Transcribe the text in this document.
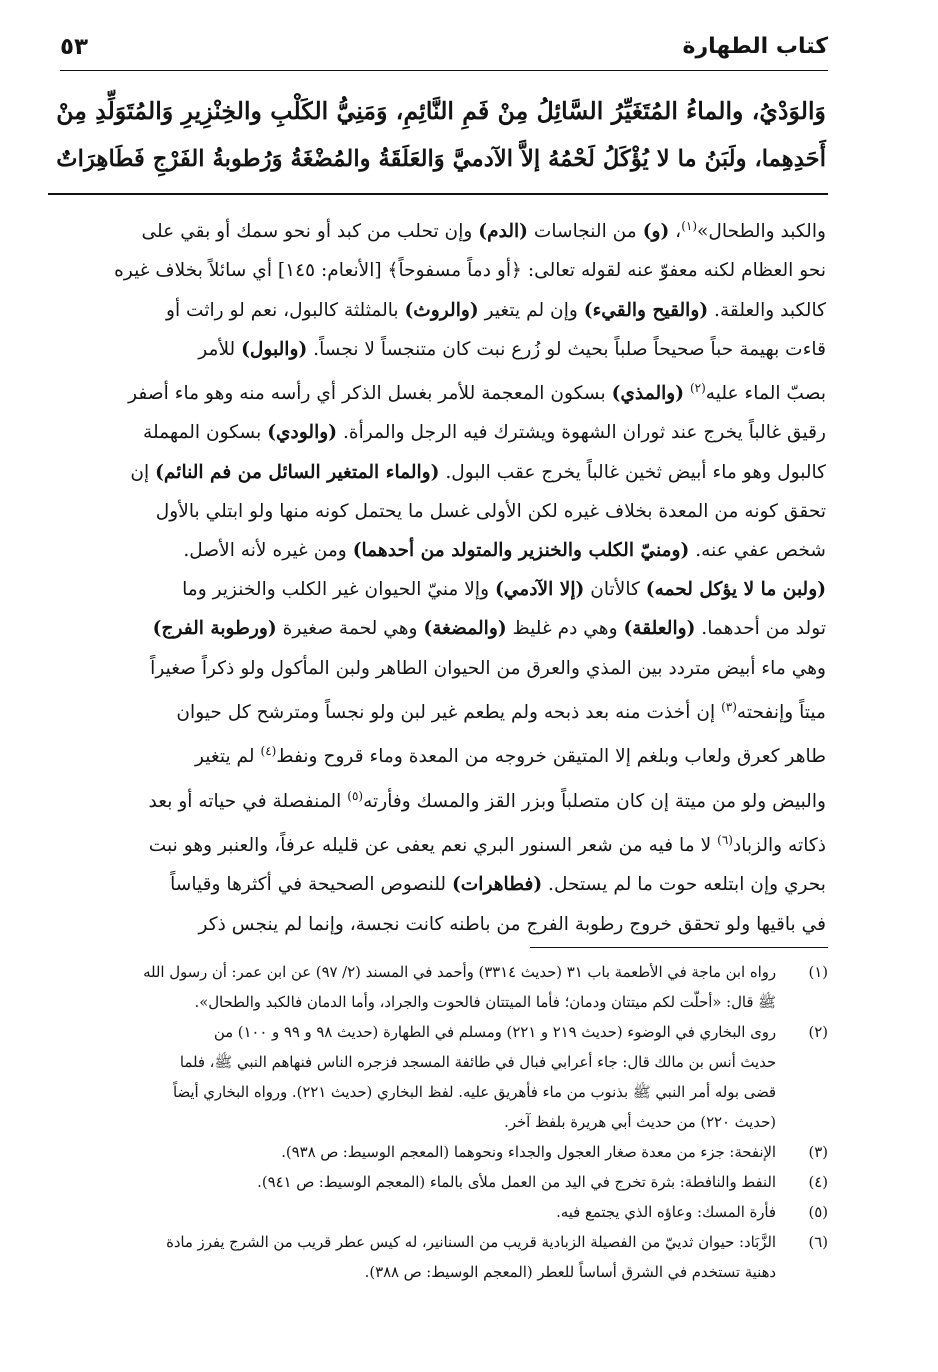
كتاب الطهارة
٥٣
وَالوَدْيُ، والماءُ المُتَغَيِّرُ السَّائِلُ مِنْ فَمِ النَّائِمِ، وَمَنِيُّ الكَلْبِ والخِنْزِيرِ وَالمُتَوَلِّدِ مِنْ
أَحَدِهِما، ولَبَنُ ما لا يُؤْكَلُ لَحْمُهُ إلاَّ الآدميَّ وَالعَلَقَةُ والمُضْغَةُ وَرُطوبةُ الفَرْجِ فَطَاهِرَاتٌ
والكبد والطحال»$^{(١)}$، (و) من النجاسات (الدم) وإن تحلب من كبد أو نحو سمك أو بقي على
نحو العظام لكنه معفوّ عنه لقوله تعالى: ﴿أو دماً مسفوحاً﴾ [الأنعام: ١٤٥] أي سائلاً بخلاف غيره
كالكبد والعلقة. (والقيح والقيء) وإن لم يتغير (والروث) بالمثلثة كالبول، نعم لو راثت أو
قاءت بهيمة حباً صحيحاً صلباً بحيث لو زُرع نبت كان متنجساً لا نجساً. (والبول) للأمر
بصبّ الماء عليه$^{(٢)}$ (والمذي) بسكون المعجمة للأمر بغسل الذكر أي رأسه منه وهو ماء أصفر
رقيق غالباً يخرج عند ثوران الشهوة ويشترك فيه الرجل والمرأة. (والودي) بسكون المهملة
كالبول وهو ماء أبيض ثخين غالباً يخرج عقب البول. (والماء المتغير السائل من فم النائم) إن
تحقق كونه من المعدة بخلاف غيره لكن الأولى غسل ما يحتمل كونه منها ولو ابتلي بالأول
شخص عفي عنه. (ومنيّ الكلب والخنزير والمتولد من أحدهما) ومن غيره لأنه الأصل.
(ولبن ما لا يؤكل لحمه) كالأتان (إلا الآدمي) وإلا منيّ الحيوان غير الكلب والخنزير وما
تولد من أحدهما. (والعلقة) وهي دم غليظ (والمضغة) وهي لحمة صغيرة (ورطوبة الفرج)
وهي ماء أبيض متردد بين المذي والعرق من الحيوان الطاهر ولبن المأكول ولو ذكراً صغيراً
ميتاً وإنفحته$^{(٣)}$ إن أخذت منه بعد ذبحه ولم يطعم غير لبن ولو نجساً ومترشح كل حيوان
طاهر كعرق ولعاب وبلغم إلا المتيقن خروجه من المعدة وماء قروح ونفط$^{(٤)}$ لم يتغير
والبيض ولو من ميتة إن كان متصلباً وبزر القز والمسك وفأرته$^{(٥)}$ المنفصلة في حياته أو بعد
ذكاته والزباد$^{(٦)}$ لا ما فيه من شعر السنور البري نعم يعفى عن قليله عرفاً، والعنبر وهو نبت
بحري وإن ابتلعه حوت ما لم يستحل. (فطاهرات) للنصوص الصحيحة في أكثرها وقياساً
في باقيها ولو تحقق خروج رطوبة الفرج من باطنه كانت نجسة، وإنما لم ينجس ذكر
(١)
رواه ابن ماجة في الأطعمة باب ٣١ (حديث ٣٣١٤) وأحمد في المسند (٢/ ٩٧) عن ابن عمر: أن رسول الله
ﷺ قال: «أحلّت لكم ميتتان ودمان؛ فأما الميتتان فالحوت والجراد، وأما الدمان فالكبد والطحال».
(٢)
روى البخاري في الوضوء (حديث ٢١٩ و ٢٢١) ومسلم في الطهارة (حديث ٩٨ و ٩٩ و ١٠٠) من
حديث أنس بن مالك قال: جاء أعرابي فبال في طائفة المسجد فزجره الناس فنهاهم النبي ﷺ، فلما
قضى بوله أمر النبي ﷺ بذنوب من ماء فأهريق عليه. لفظ البخاري (حديث ٢٢١). ورواه البخاري أيضاً
(حديث ٢٢٠) من حديث أبي هريرة بلفظ آخر.
(٣)
الإنفحة: جزء من معدة صغار العجول والجداء ونحوهما (المعجم الوسيط: ص ٩٣٨).
(٤)
النفط والنافطة: بثرة تخرج في اليد من العمل ملأى بالماء (المعجم الوسيط: ص ٩٤١).
(٥)
فأرة المسك: وعاؤه الذي يجتمع فيه.
(٦)
الزَّبَاد: حيوان ثدييّ من الفصيلة الزبادية قريب من السنانير، له كيس عطر قريب من الشرج يفرز مادة
دهنية تستخدم في الشرق أساساً للعطر (المعجم الوسيط: ص ٣٨٨).
